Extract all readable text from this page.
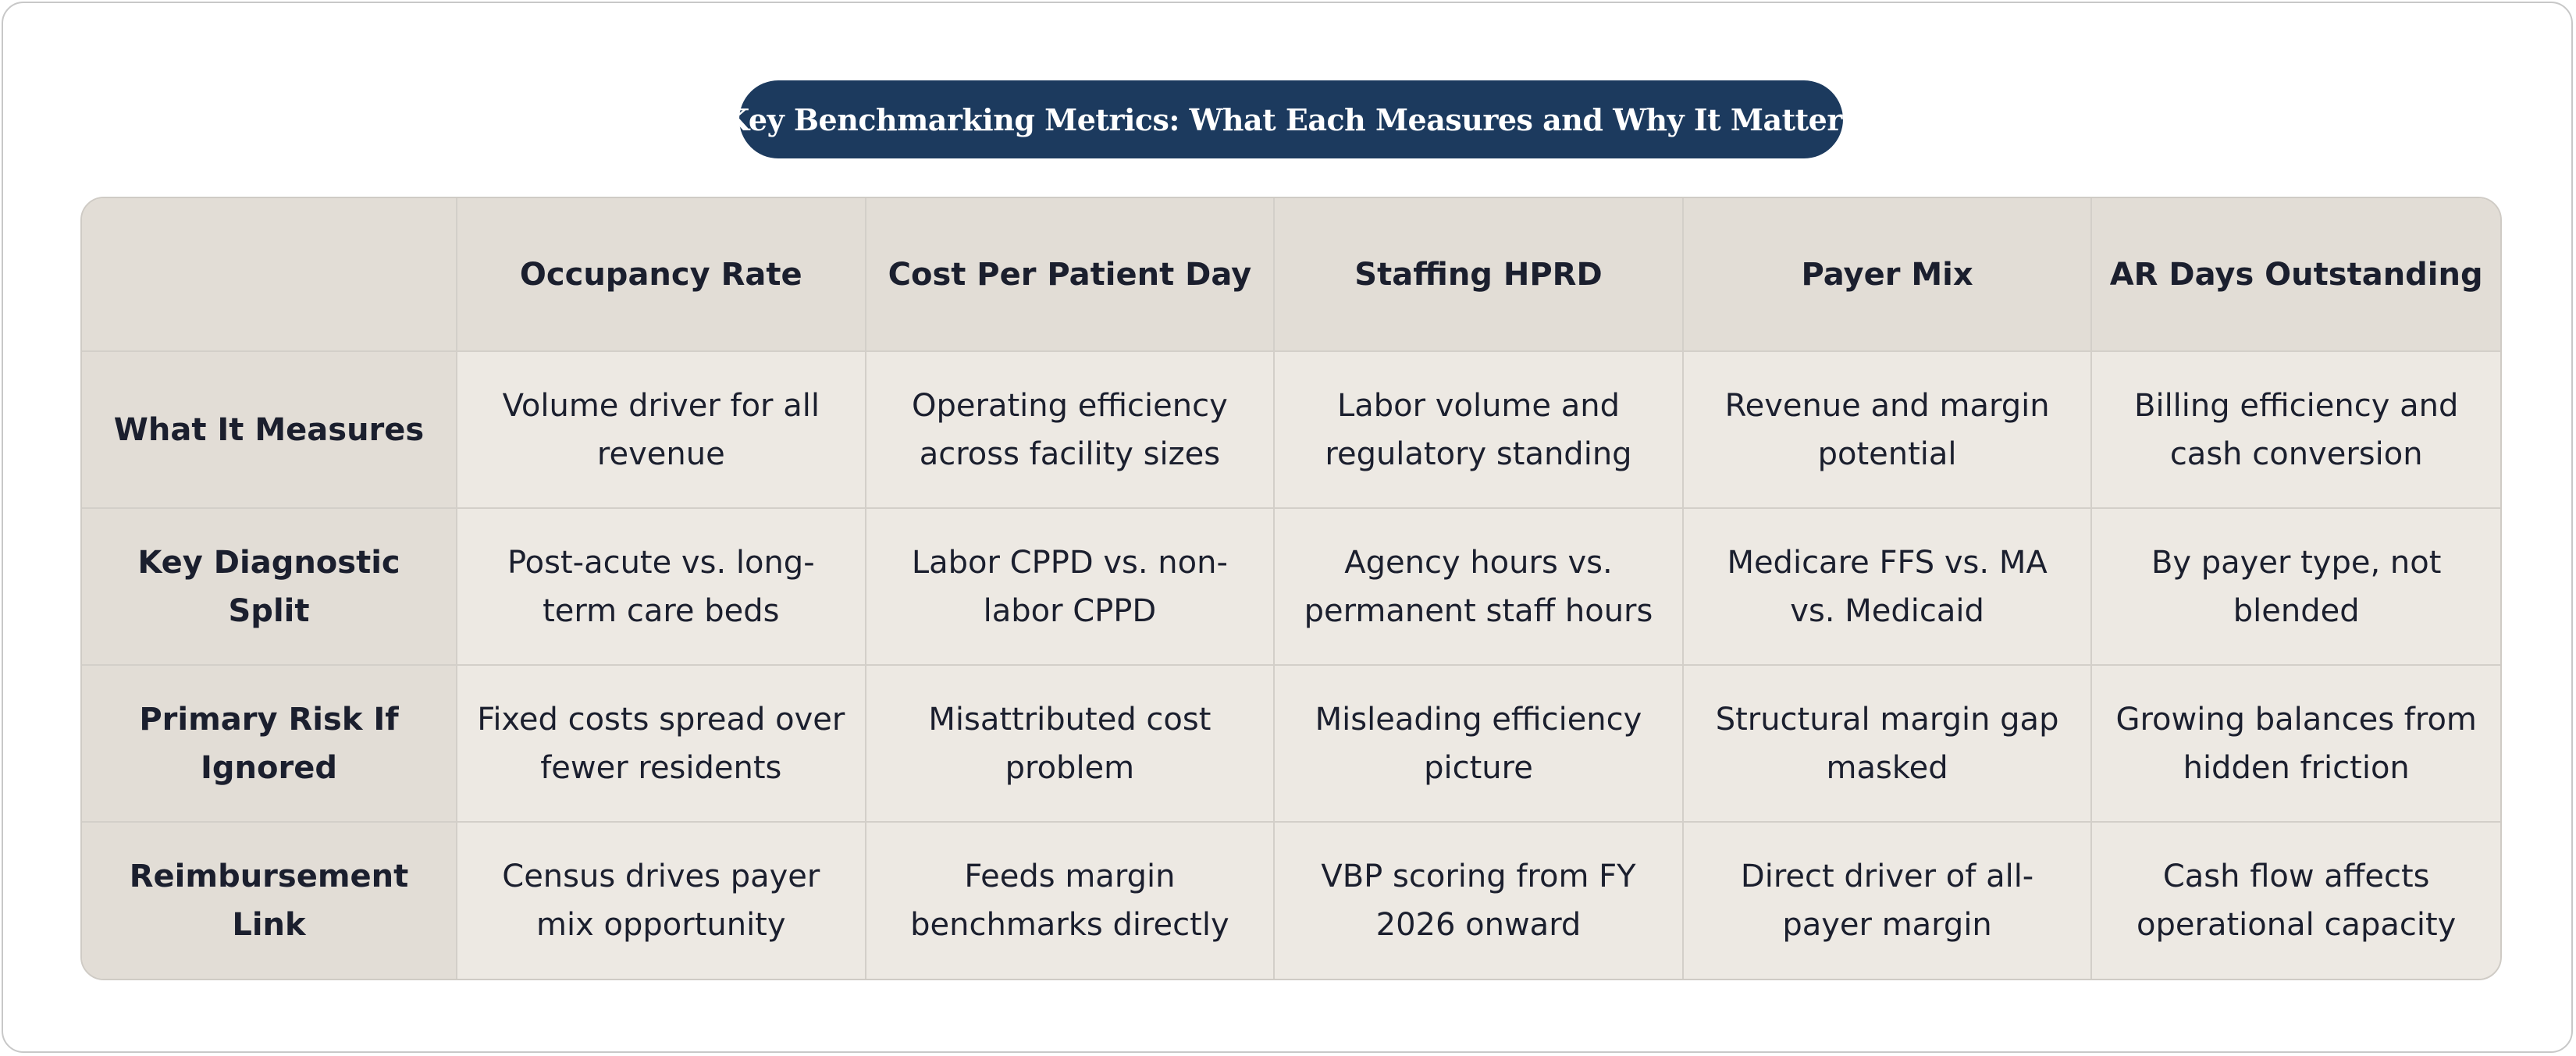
Key Benchmarking Metrics: What Each Measures and Why It Matters
	Occupancy Rate	Cost Per Patient Day	Staffing HPRD	Payer Mix	AR Days Outstanding
What It Measures	Volume driver for all revenue	Operating efficiency across facility sizes	Labor volume and regulatory standing	Revenue and margin potential	Billing efficiency and cash conversion
Key Diagnostic Split	Post-acute vs. long-term care beds	Labor CPPD vs. non-labor CPPD	Agency hours vs. permanent staff hours	Medicare FFS vs. MA vs. Medicaid	By payer type, not blended
Primary Risk If Ignored	Fixed costs spread over fewer residents	Misattributed cost problem	Misleading efficiency picture	Structural margin gap masked	Growing balances from hidden friction
Reimbursement Link	Census drives payer mix opportunity	Feeds margin benchmarks directly	VBP scoring from FY 2026 onward	Direct driver of all-payer margin	Cash flow affects operational capacity
